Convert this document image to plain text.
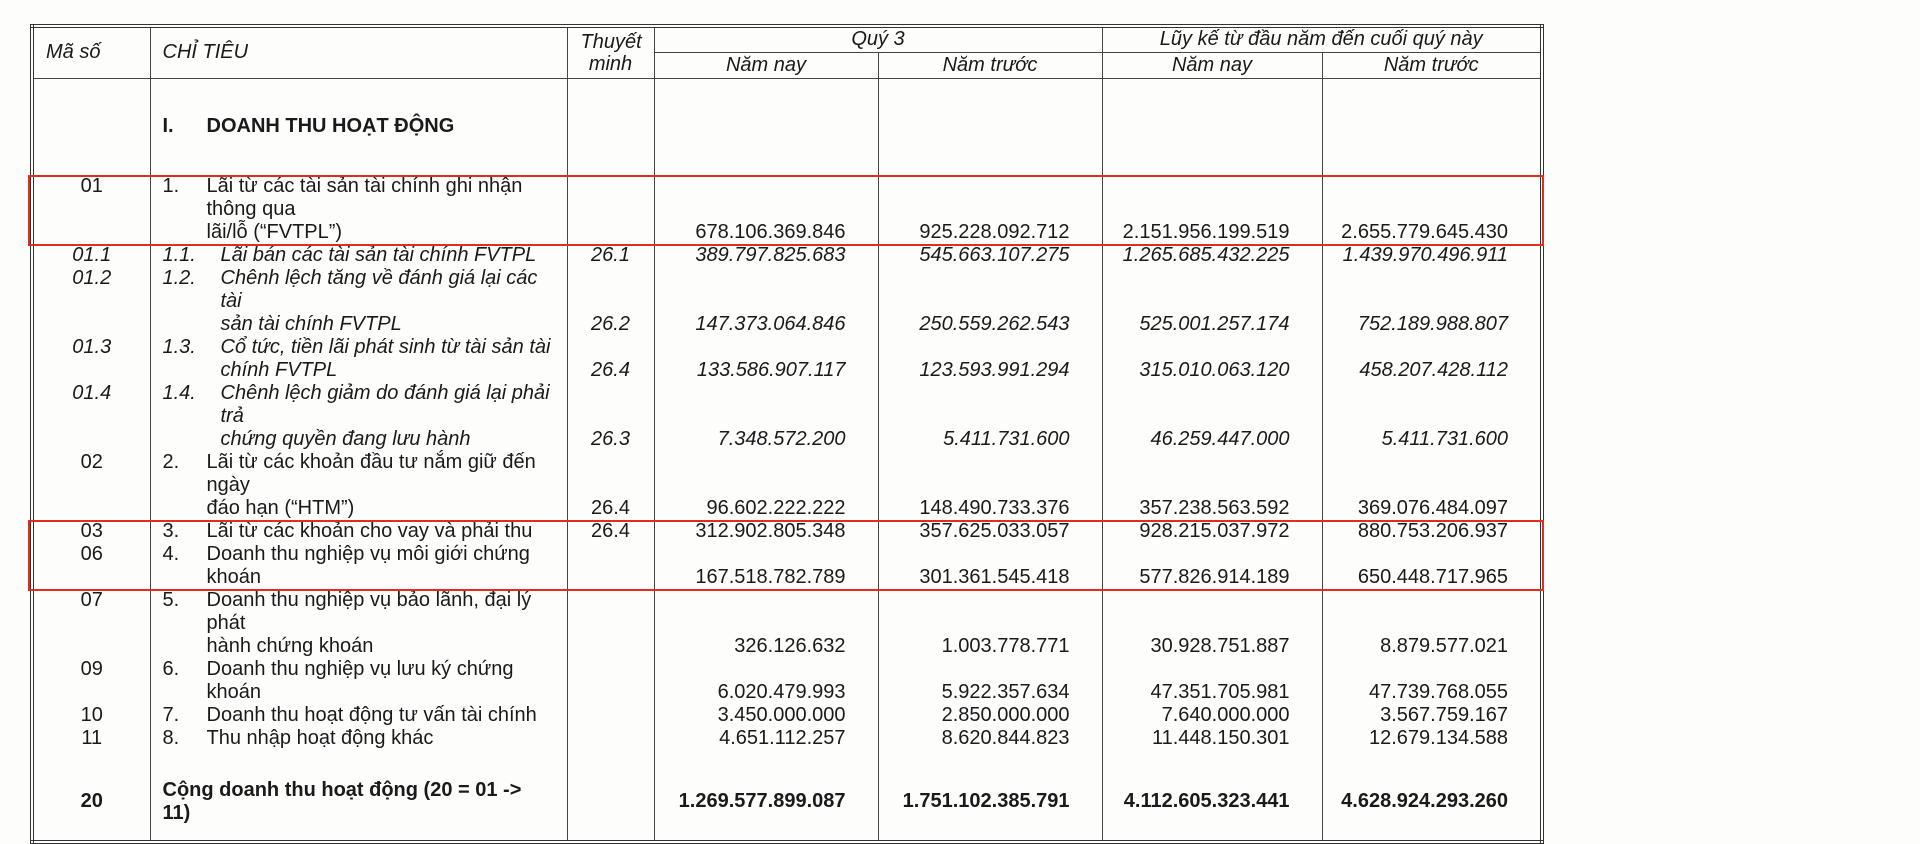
Mã số	CHỈ TIÊU	Thuyết minh	Quý 3		Lũy kế từ đầu năm đến cuối quý này	
			Năm nay	Năm trước	Năm nay	Năm trước

	I. DOANH THU HOẠT ĐỘNG					

01	1. Lãi từ các tài sản tài chính ghi nhận thông qua
lãi/lỗ (“FVTPL”)		678.106.369.846	925.228.092.712	2.151.956.199.519	2.655.779.645.430
01.1	1.1. Lãi bán các tài sản tài chính FVTPL	26.1	389.797.825.683	545.663.107.275	1.265.685.432.225	1.439.970.496.911
01.2	1.2. Chênh lệch tăng về đánh giá lại các tài
sản tài chính FVTPL	26.2	147.373.064.846	250.559.262.543	525.001.257.174	752.189.988.807
01.3	1.3. Cổ tức, tiền lãi phát sinh từ tài sản tài
chính FVTPL	26.4	133.586.907.117	123.593.991.294	315.010.063.120	458.207.428.112
01.4	1.4. Chênh lệch giảm do đánh giá lại phải trả
chứng quyền đang lưu hành	26.3	7.348.572.200	5.411.731.600	46.259.447.000	5.411.731.600
02	2. Lãi từ các khoản đầu tư nắm giữ đến ngày
đáo hạn (“HTM”)	26.4	96.602.222.222	148.490.733.376	357.238.563.592	369.076.484.097
03	3. Lãi từ các khoản cho vay và phải thu	26.4	312.902.805.348	357.625.033.057	928.215.037.972	880.753.206.937
06	4. Doanh thu nghiệp vụ môi giới chứng khoán		167.518.782.789	301.361.545.418	577.826.914.189	650.448.717.965
07	5. Doanh thu nghiệp vụ bảo lãnh, đại lý phát
hành chứng khoán		326.126.632	1.003.778.771	30.928.751.887	8.879.577.021
09	6. Doanh thu nghiệp vụ lưu ký chứng khoán		6.020.479.993	5.922.357.634	47.351.705.981	47.739.768.055
10	7. Doanh thu hoạt động tư vấn tài chính		3.450.000.000	2.850.000.000	7.640.000.000	3.567.759.167
11	8. Thu nhập hoạt động khác		4.651.112.257	8.620.844.823	11.448.150.301	12.679.134.588

20	Cộng doanh thu hoạt động (20 = 01 -> 11)		1.269.577.899.087	1.751.102.385.791	4.112.605.323.441	4.628.924.293.260
